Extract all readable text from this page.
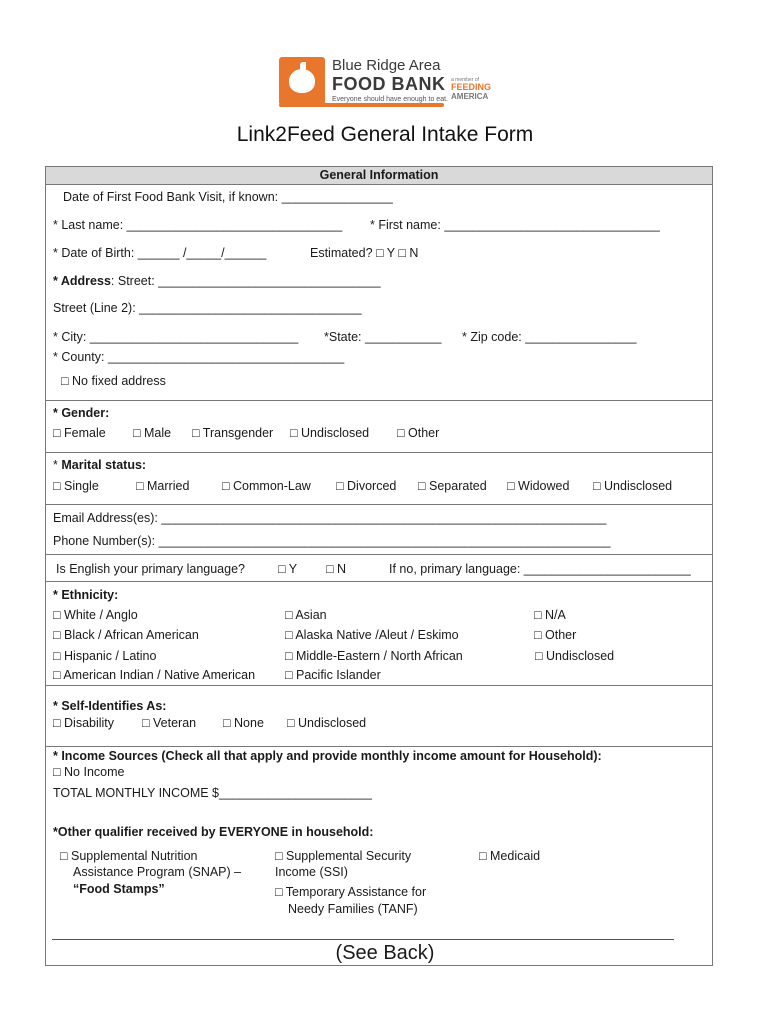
Blue Ridge Area
FOOD BANK
Everyone should have enough to eat.
a member of
FEEDING
AMERICA
Link2Feed General Intake Form
General Information
Date of First Food Bank Visit, if known: ________________
* Last name: _______________________________ * First name: _______________________________
* Date of Birth: ______ /_____/______	Estimated? □ Y □ N
* Address: Street: ________________________________
Street (Line 2): ________________________________
* City: ______________________________ *State: ___________ * Zip code: ________________
* County: __________________________________
□ No fixed address
* Gender:
□ Female □ Male □ Transgender □ Undisclosed □ Other
* Marital status:
□ Single	□ Married	□ Common-Law □ Divorced □ Separated □ Widowed □ Undisclosed
Email Address(es): ________________________________________________________________
Phone Number(s): _________________________________________________________________
Is English your primary language?	□ Y □ N	If no, primary language: ________________________
* Ethnicity:
□ White / Anglo
□ Black / African American
□ Hispanic / Latino
□ American Indian / Native American
□ Asian
□ Alaska Native /Aleut / Eskimo
□ Middle-Eastern / North African
□ Pacific Islander
□ N/A
□ Other
□ Undisclosed
* Self-Identifies As:
□ Disability □ Veteran □ None □ Undisclosed
* Income Sources (Check all that apply and provide monthly income amount for Household):
□ No Income
TOTAL MONTHLY INCOME $______________________
*Other qualifier received by EVERYONE in household:
□ Supplemental Nutrition
Assistance Program (SNAP) –
“Food Stamps”
□ Supplemental Security
Income (SSI)
□ Temporary Assistance for
Needy Families (TANF)
□ Medicaid
(See Back)
